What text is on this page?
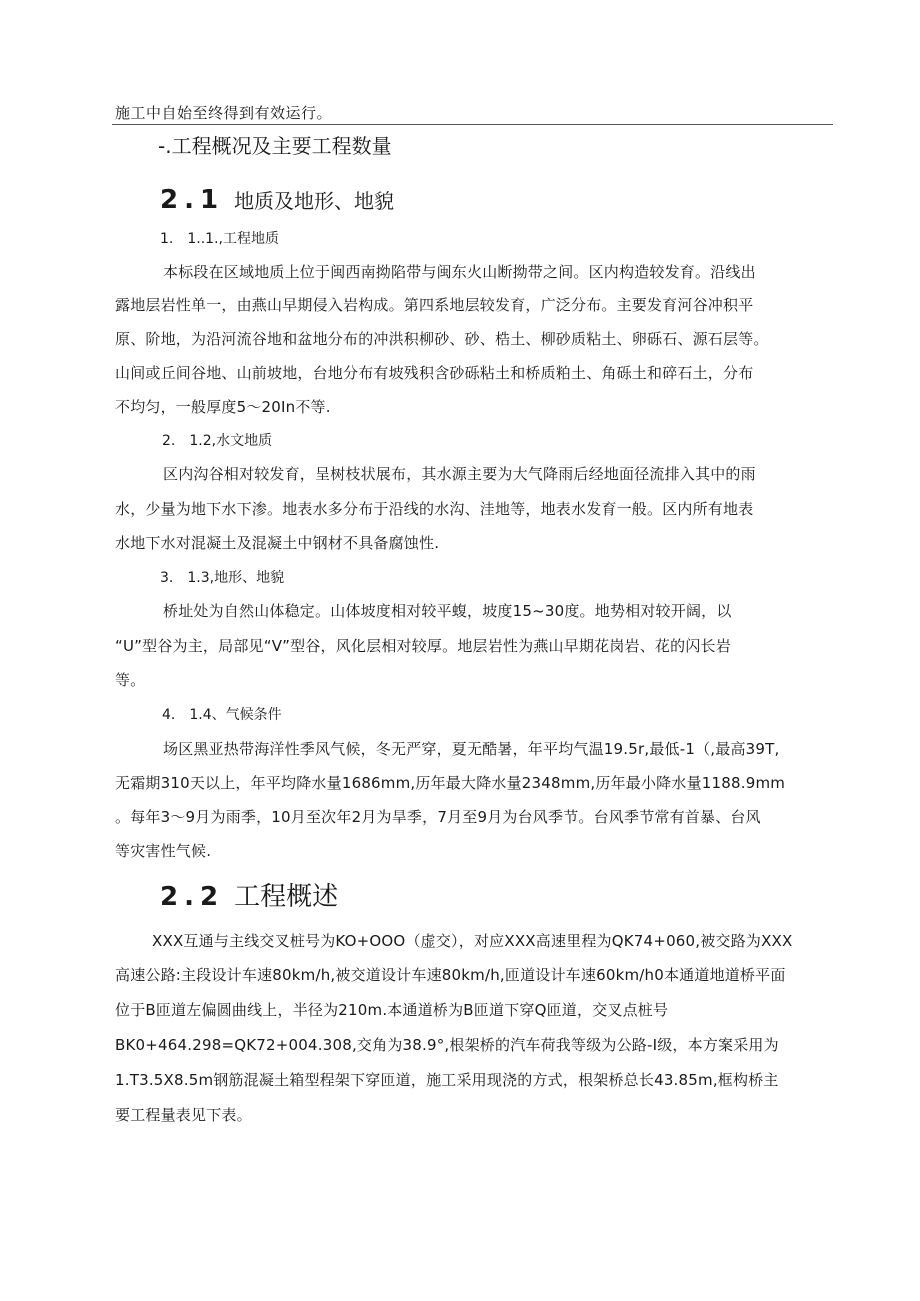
施工中自始至终得到有效运行。
-.工程概况及主要工程数量
2.1 地质及地形、地貌
1. 1..1.,工程地质
本标段在区域地质上位于闽西南拗陷带与闽东火山断拗带之间。区内构造较发育。沿线出
露地层岩性单一，由燕山早期侵入岩构成。第四系地层较发育，广泛分布。主要发育河谷冲积平
原、阶地，为沿河流谷地和盆地分布的冲洪积柳砂、砂、梏土、柳砂质粘土、卵砾石、源石层等。
山间或丘间谷地、山前坡地，台地分布有坡残积含砂砾粘土和桥质粕土、角砾土和碎石土，分布
不均匀，一般厚度5〜20In不等.
2. 1.2,水文地质
区内沟谷相对较发育，呈树枝状展布，其水源主要为大气降雨后经地面径流排入其中的雨
水，少量为地下水下渗。地表水多分布于沿线的水沟、洼地等，地表水发育一般。区内所有地表
水地下水对混凝土及混凝土中钢材不具备腐蚀性.
3. 1.3,地形、地貌
桥址处为自然山体稳定。山体坡度相对较平蝮，坡度15~30度。地势相对较开阔，以
“U”型谷为主，局部见“V”型谷，风化层相对较厚。地层岩性为燕山早期花岗岩、花的闪长岩
等。
4. 1.4、气候条件
场区黑亚热带海洋性季风气候，冬无严穿，夏无酷暑，年平均气温19.5r,最低-1（,最高39T,
无霜期310天以上，年平均降水量1686mm,历年最大降水量2348mm,历年最小降水量1188.9mm
。每年3〜9月为雨季，10月至次年2月为旱季，7月至9月为台风季节。台风季节常有首暴、台风
等灾害性气候.
2.2 工程概述
XXX互通与主线交叉桩号为KO+OOO（虚交），对应XXX高速里程为QK74+060,被交路为XXX
高速公路:主段设计车速80km∕h,被交道设计车速80km∕h,匝道设计车速60km∕h0本通道地道桥平面
位于B匝道左偏圆曲线上，半径为210m.本通道桥为B匝道下穿Q匝道，交叉点桩号
BK0+464.298=QK72+004.308,交角为38.9°,根架桥的汽车荷我等级为公路-I级，本方案采用为
1.T3.5X8.5m钢筋混凝土箱型程架下穿匝道，施工采用现浇的方式，根架桥总长43.85m,框构桥主
要工程量表见下表。
